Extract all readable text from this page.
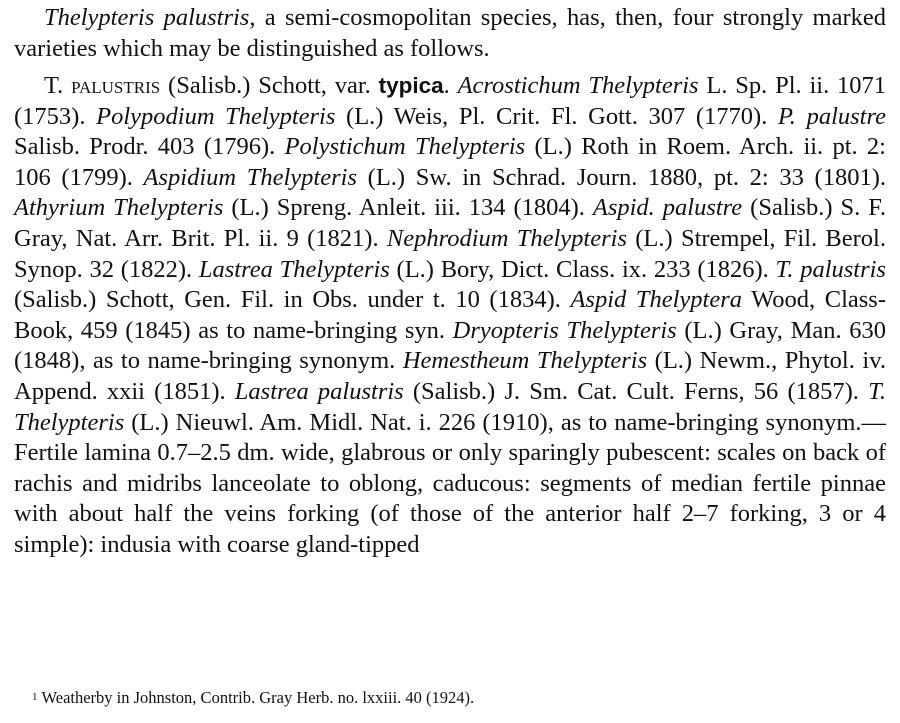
Thelypteris palustris, a semi-cosmopolitan species, has, then, four strongly marked varieties which may be distinguished as follows.

T. palustris (Salisb.) Schott, var. typica. Acrostichum Thelypteris L. Sp. Pl. ii. 1071 (1753). Polypodium Thelypteris (L.) Weis, Pl. Crit. Fl. Gott. 307 (1770). P. palustre Salisb. Prodr. 403 (1796). Polystichum Thelypteris (L.) Roth in Roem. Arch. ii. pt. 2: 106 (1799). Aspidium Thelypteris (L.) Sw. in Schrad. Journ. 1880, pt. 2: 33 (1801). Athyrium Thelypteris (L.) Spreng. Anleit. iii. 134 (1804). Aspid. palustre (Salisb.) S. F. Gray, Nat. Arr. Brit. Pl. ii. 9 (1821). Nephrodium Thelypteris (L.) Strempel, Fil. Berol. Synop. 32 (1822). Lastrea Thelypteris (L.) Bory, Dict. Class. ix. 233 (1826). T. palustris (Salisb.) Schott, Gen. Fil. in Obs. under t. 10 (1834). Aspid Thelyptera Wood, Class-Book, 459 (1845) as to name-bringing syn. Dryopteris Thelypteris (L.) Gray, Man. 630 (1848), as to name-bringing synonym. Hemestheum Thelypteris (L.) Newm., Phytol. iv. Append. xxii (1851). Lastrea palustris (Salisb.) J. Sm. Cat. Cult. Ferns, 56 (1857). T. Thelypteris (L.) Nieuwl. Am. Midl. Nat. i. 226 (1910), as to name-bringing synonym.—Fertile lamina 0.7–2.5 dm. wide, glabrous or only sparingly pubescent: scales on back of rachis and midribs lanceolate to oblong, caducous: segments of median fertile pinnae with about half the veins forking (of those of the anterior half 2–7 forking, 3 or 4 simple): indusia with coarse gland-tipped

$^1$ Weatherby in Johnston, Contrib. Gray Herb. no. lxxiii. 40 (1924).
